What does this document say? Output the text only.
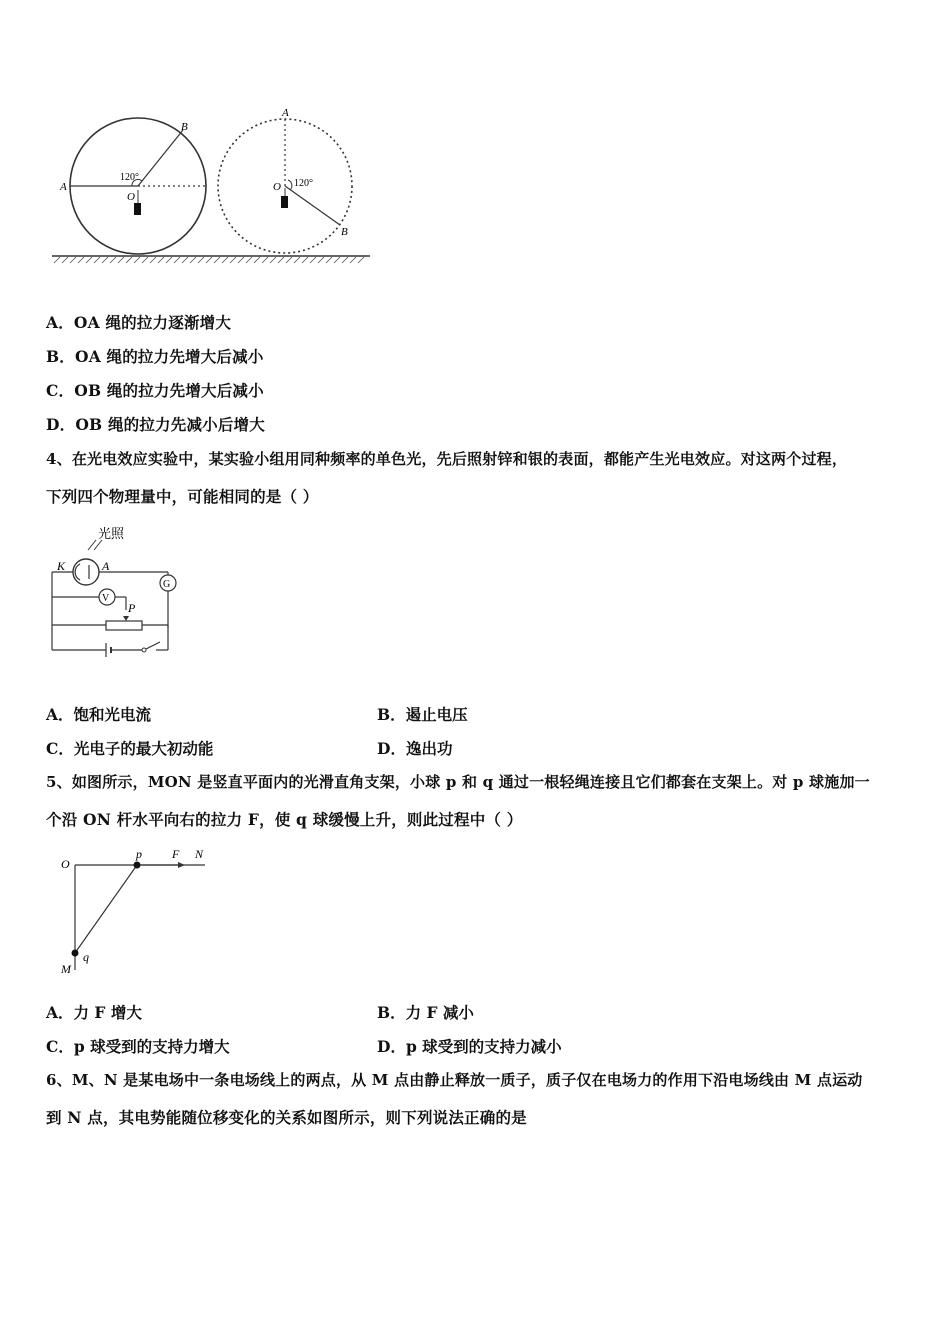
A
B
O
120°
A
B
O 120°
A．OA 绳的拉力逐渐增大
B．OA 绳的拉力先增大后减小
C．OB 绳的拉力先增大后减小
D．OB 绳的拉力先减小后增大
4、在光电效应实验中，某实验小组用同种频率的单色光，先后照射锌和银的表面，都能产生光电效应。对这两个过程，
下列四个物理量中，可能相同的是（ ）
光照
K	A
G
V
P
A．饱和光电流	B．遏止电压
C．光电子的最大初动能	D．逸出功
5、如图所示，MON 是竖直平面内的光滑直角支架，小球 p 和 q 通过一根轻绳连接且它们都套在支架上。对 p 球施加一
个沿 ON 杆水平向右的拉力 F，使 q 球缓慢上升，则此过程中（ ）
O
p	F N
M
q
A．力 F 增大	B．力 F 减小
C．p 球受到的支持力增大	D．p 球受到的支持力减小
6、M、N 是某电场中一条电场线上的两点，从 M 点由静止释放一质子，质子仅在电场力的作用下沿电场线由 M 点运动
到 N 点，其电势能随位移变化的关系如图所示，则下列说法正确的是
